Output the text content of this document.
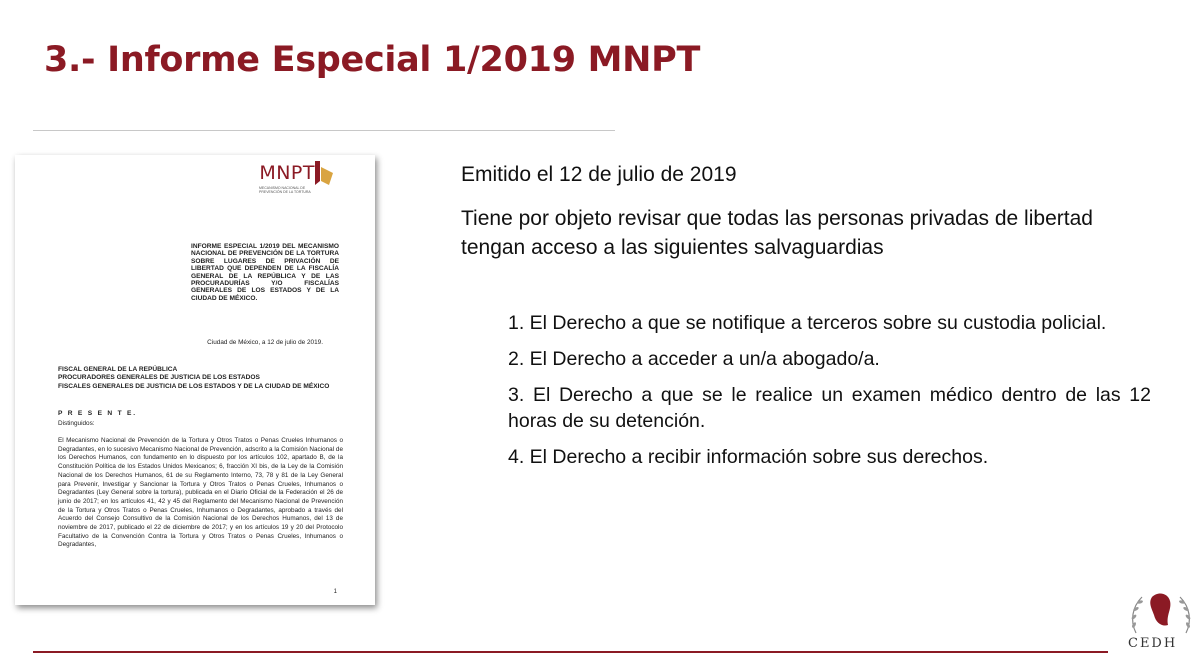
3.- Informe Especial 1/2019 MNPT
MNPT
MECANISMO NACIONAL DE PREVENCIÓN DE LA TORTURA
INFORME ESPECIAL 1/2019 DEL MECANISMO NACIONAL DE PREVENCIÓN DE LA TORTURA SOBRE LUGARES DE PRIVACIÓN DE LIBERTAD QUE DEPENDEN DE LA FISCALÍA GENERAL DE LA REPÚBLICA Y DE LAS PROCURADURÍAS Y/O FISCALÍAS GENERALES DE LOS ESTADOS Y DE LA CIUDAD DE MÉXICO.
Ciudad de México, a 12 de julio de 2019.
FISCAL GENERAL DE LA REPÚBLICA
PROCURADORES GENERALES DE JUSTICIA DE LOS ESTADOS
FISCALES GENERALES DE JUSTICIA DE LOS ESTADOS Y DE LA CIUDAD DE MÉXICO
P R E S E N T E.
Distinguidos:
El Mecanismo Nacional de Prevención de la Tortura y Otros Tratos o Penas Crueles Inhumanos o Degradantes, en lo sucesivo Mecanismo Nacional de Prevención, adscrito a la Comisión Nacional de los Derechos Humanos, con fundamento en lo dispuesto por los artículos 102, apartado B, de la Constitución Política de los Estados Unidos Mexicanos; 6, fracción XI bis, de la Ley de la Comisión Nacional de los Derechos Humanos, 61 de su Reglamento Interno, 73, 78 y 81 de la Ley General para Prevenir, Investigar y Sancionar la Tortura y Otros Tratos o Penas Crueles, Inhumanos o Degradantes (Ley General sobre la tortura), publicada en el Diario Oficial de la Federación el 26 de junio de 2017; en los artículos 41, 42 y 45 del Reglamento del Mecanismo Nacional de Prevención de la Tortura y Otros Tratos o Penas Crueles, Inhumanos o Degradantes, aprobado a través del Acuerdo del Consejo Consultivo de la Comisión Nacional de los Derechos Humanos, del 13 de noviembre de 2017, publicado el 22 de diciembre de 2017; y en los artículos 19 y 20 del Protocolo Facultativo de la Convención Contra la Tortura y Otros Tratos o Penas Crueles, Inhumanos o Degradantes,
1
Emitido el 12 de julio de 2019
Tiene por objeto revisar que todas las personas privadas de libertad tengan acceso a las siguientes salvaguardias
1. El Derecho a que se notifique a terceros sobre su custodia policial.
2. El Derecho a acceder a un/a abogado/a.
3. El Derecho a que se le realice un examen médico dentro de las 12 horas de su detención.
4. El Derecho a recibir información sobre sus derechos.
CEDH
